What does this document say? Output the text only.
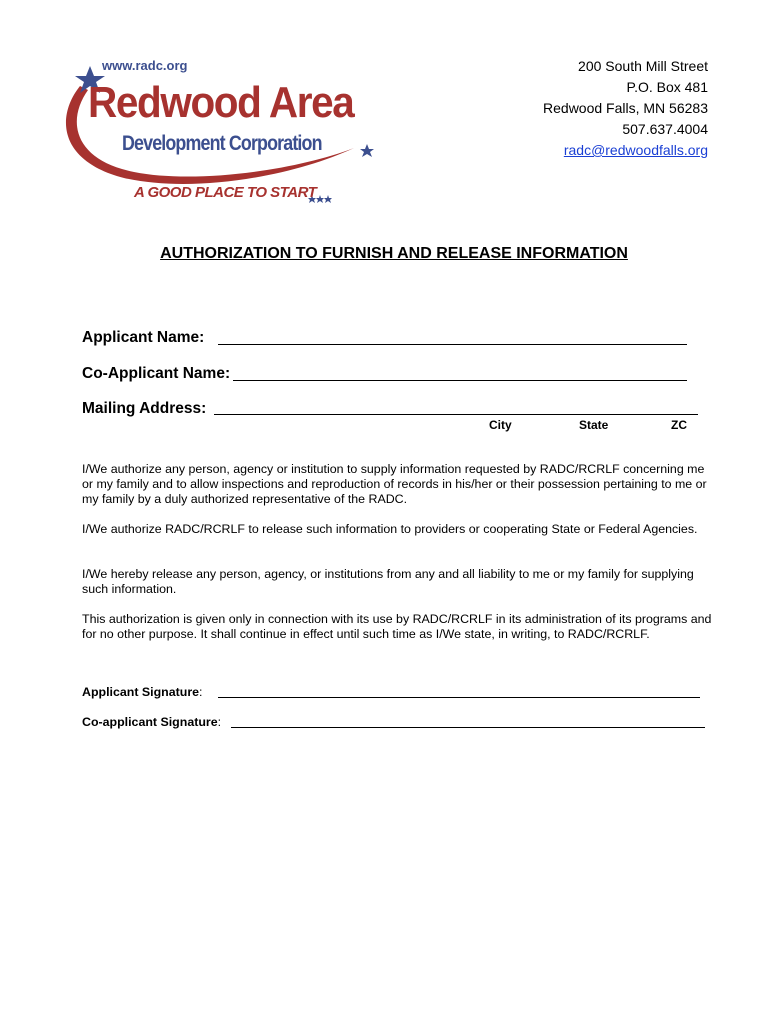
www.radc.org
Redwood Area
Development Corporation
A GOOD PLACE TO START
200 South Mill Street
P.O. Box 481
Redwood Falls, MN 56283
507.637.4004
radc@redwoodfalls.org
AUTHORIZATION TO FURNISH AND RELEASE INFORMATION
Applicant Name:
Co-Applicant Name:
Mailing Address:
City	State	ZC
I/We authorize any person, agency or institution to supply information requested by RADC/RCRLF concerning me or my family and to allow inspections and reproduction of records in his/her or their possession pertaining to me or my family by a duly authorized representative of the RADC.
I/We authorize RADC/RCRLF to release such information to providers or cooperating State or Federal Agencies.
I/We hereby release any person, agency, or institutions from any and all liability to me or my family for supplying such information.
This authorization is given only in connection with its use by RADC/RCRLF in its administration of its programs and for no other purpose. It shall continue in effect until such time as I/We state, in writing, to RADC/RCRLF.
Applicant Signature:
Co-applicant Signature:
